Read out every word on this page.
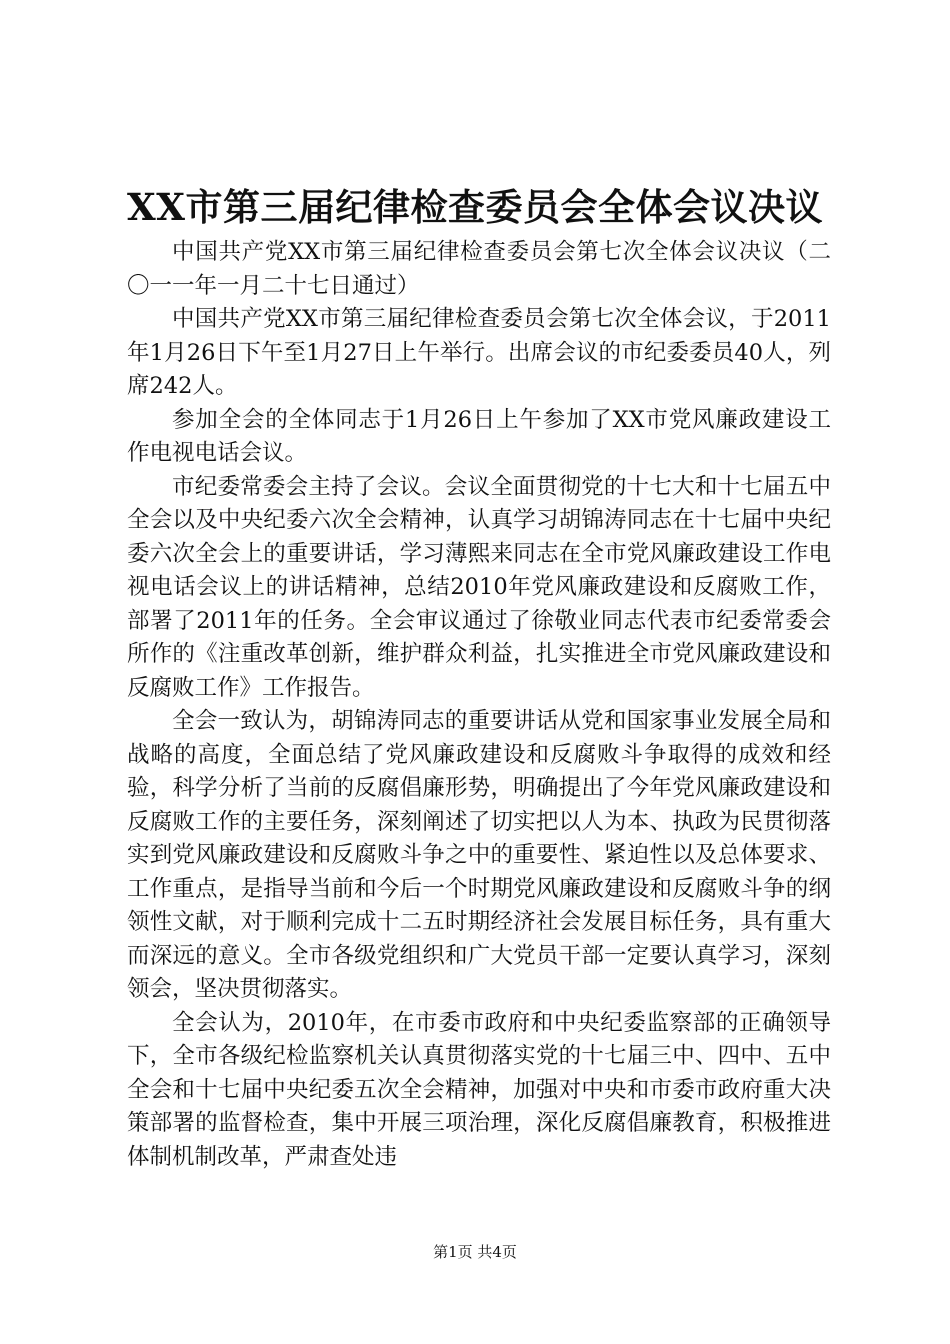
XX市第三届纪律检查委员会全体会议决议

中国共产党XX市第三届纪律检查委员会第七次全体会议决议（二〇一一年一月二十七日通过）

中国共产党XX市第三届纪律检查委员会第七次全体会议，于2011年1月26日下午至1月27日上午举行。出席会议的市纪委委员40人，列席242人。

参加全会的全体同志于1月26日上午参加了XX市党风廉政建设工作电视电话会议。

市纪委常委会主持了会议。会议全面贯彻党的十七大和十七届五中全会以及中央纪委六次全会精神，认真学习胡锦涛同志在十七届中央纪委六次全会上的重要讲话，学习薄熙来同志在全市党风廉政建设工作电视电话会议上的讲话精神，总结2010年党风廉政建设和反腐败工作，部署了2011年的任务。全会审议通过了徐敬业同志代表市纪委常委会所作的《注重改革创新，维护群众利益，扎实推进全市党风廉政建设和反腐败工作》工作报告。

全会一致认为，胡锦涛同志的重要讲话从党和国家事业发展全局和战略的高度，全面总结了党风廉政建设和反腐败斗争取得的成效和经验，科学分析了当前的反腐倡廉形势，明确提出了今年党风廉政建设和反腐败工作的主要任务，深刻阐述了切实把以人为本、执政为民贯彻落实到党风廉政建设和反腐败斗争之中的重要性、紧迫性以及总体要求、工作重点，是指导当前和今后一个时期党风廉政建设和反腐败斗争的纲领性文献，对于顺利完成十二五时期经济社会发展目标任务，具有重大而深远的意义。全市各级党组织和广大党员干部一定要认真学习，深刻领会，坚决贯彻落实。

全会认为，2010年，在市委市政府和中央纪委监察部的正确领导下，全市各级纪检监察机关认真贯彻落实党的十七届三中、四中、五中全会和十七届中央纪委五次全会精神，加强对中央和市委市政府重大决策部署的监督检查，集中开展三项治理，深化反腐倡廉教育，积极推进体制机制改革，严肃查处违

第1页 共4页
